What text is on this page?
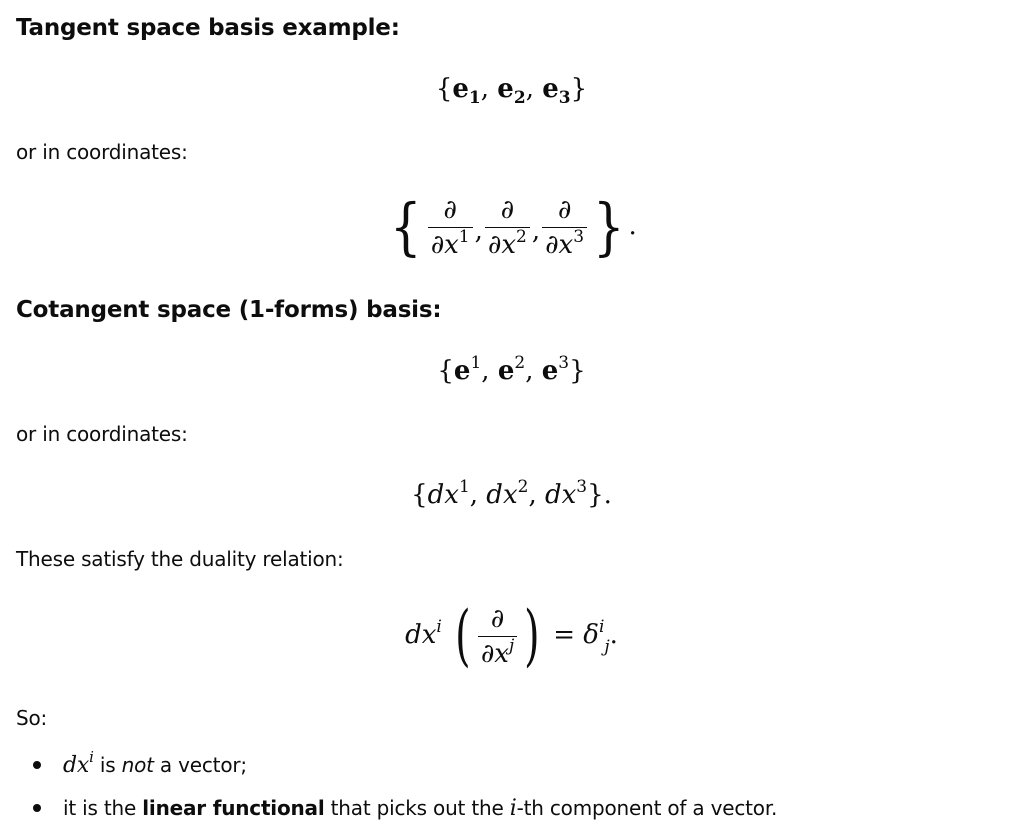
Tangent space basis example:
{$e_1$, $e_2$, $e_3$}
or in coordinates:
{ $\frac{\partial}{\partial x^1}$ , $\frac{\partial}{\partial x^2}$ , $\frac{\partial}{\partial x^3}$ } .
Cotangent space (1-forms) basis:
{$e^1$, $e^2$, $e^3$}
or in coordinates:
{$dx^1$, $dx^2$, $dx^3$}.
These satisfy the duality relation:
$dx^i$ ( $\frac{\partial}{\partial x^j}$ ) = $\delta^i_j$.
So:
$dx^i$ is not a vector;
it is the linear functional that picks out the i-th component of a vector.
